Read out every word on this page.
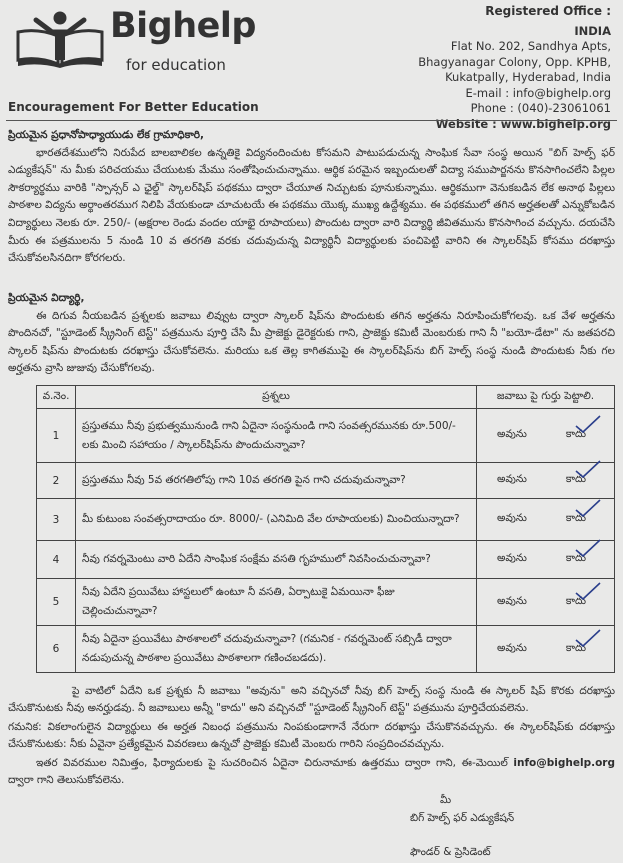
Bighelp
for education
Encouragement For Better Education
Registered Office :
INDIA
Flat No. 202, Sandhya Apts,
Bhagyanagar Colony, Opp. KPHB,
Kukatpally, Hyderabad, India
E-mail : info@bighelp.org
Phone : (040)-23061061
Website : www.bighelp.org
ప్రియమైన ప్రధానోపాధ్యాయుడు లేక గ్రామాధికారి,
భారతదేశములోని నిరుపేద బాలబాలికల ఉన్నతికై విద్యనందించుట కోసమని పాటుపడుచున్న సాంఘిక సేవా సంస్థ అయిన "బిగ్ హెల్ప్ ఫర్ ఎడ్యుకేషన్" ను మీకు పరిచయము చేయుటకు మేము సంతోషించుచున్నాము. ఆర్థిక పరమైన ఇబ్బందులతో విద్యా సముపార్జనను కొనసాగించలేని పిల్లల సౌకర్యార్థము వారికి "స్పాన్సర్ ఎ ఛైల్డ్" స్కాలర్‌షిప్ పథకము ద్వారా చేయూత నిచ్చుటకు పూనుకున్నాము. ఆర్థికముగా వెనుకబడిన లేక అనాథ పిల్లలు పాఠశాల విద్యను అర్థాంతరముగ నిలిపి వేయకుండా చూచుటయే ఈ పథకము యొక్క ముఖ్య ఉద్దేశ్యము. ఈ పథకములో తగిన అర్హతలతో ఎన్నుకోబడిన విద్యార్థులు నెలకు రూ. 250/- (అక్షరాల రెండు వందల యాభై రూపాయలు) పొందుట ద్వారా వారి విద్యార్థి జీవితమును కొనసాగించ వచ్చును. దయచేసి మీరు ఈ పత్రములను 5 నుండి 10 వ తరగతి వరకు చదువుచున్న విద్యార్థినీ విద్యార్థులకు పంచిపెట్టి వారిని ఈ స్కాలర్‌షిప్ కోసము దరఖాస్తు చేసుకోవలసినదిగా కోరగలరు.
ప్రియమైన విద్యార్థి,
ఈ దిగువ నీయబడిన ప్రశ్నలకు జవాబు లివ్వుట ద్వారా స్కాలర్ షిప్‌ను పొందుటకు తగిన అర్హతను నిరూపించుకోగలవు. ఒక వేళ అర్హతను పొందినచో, "స్టూడెంట్ స్క్రీనింగ్ టెస్ట్" పత్రమును పూర్తి చేసి మీ ప్రాజెక్టు డైరెక్టరుకు గాని, ప్రాజెక్టు కమిటీ మెంబరుకు గాని నీ "బయో-డేటా" ను జతపరచి స్కాలర్ షిప్‌ను పొందుటకు దరఖాస్తు చేసుకోవలెను. మరియు ఒక తెల్ల కాగితముపై ఈ స్కాలర్‌షిప్‌ను బిగ్ హెల్ప్ సంస్థ నుండి పొందుటకు నీకు గల అర్హతను వ్రాసి జుజువు చేసుకోగలవు.
వ.నెం.	ప్రశ్నలు	జవాబు పై గుర్తు పెట్టాలి.
1	ప్రస్తుతము నీవు ప్రభుత్వమునుండి గాని ఏదైనా సంస్థనుండి గాని సంవత్సరమునకు రూ.500/- లకు మించి సహాయం / స్కాలర్‌షిప్‌ను పొందుచున్నావా?	అవును కాదు

2	ప్రస్తుతము నీవు 5వ తరగతిలోపు గాని 10వ తరగతి పైన గాని చదువుచున్నావా?	అవును కాదు

3	మీ కుటుంబ సంవత్సరాదాయం రూ. 8000/- (ఎనిమిది వేల రూపాయలకు) మించియున్నాదా?	అవును కాదు

4	నీవు గవర్నమెంటు వారి ఏదేని సాంఘిక సంక్షేమ వసతి గృహములో నివసించుచున్నావా?	అవును కాదు

5	నీవు ఏదేని ప్రయివేటు హాస్టలులో ఉంటూ నీ వసతి, ఏర్పాటుకై ఏమయినా ఫీజు చెల్లించుచున్నావా?	అవును కాదు

6	నీవు ఏదైనా ప్రయివేటు పాఠశాలలో చదువుచున్నావా? (గమనిక - గవర్నమెంట్ సబ్సిడీ ద్వారా నడుపుచున్న పాఠశాల ప్రయివేటు పాఠశాలగా గణించబడదు).	అవును కాదు
పై వాటిలో ఏదేని ఒక ప్రశ్నకు నీ జవాబు "అవును" అని వచ్చినచో నీవు బిగ్ హెల్ప్ సంస్థ నుండి ఈ స్కాలర్ షిప్ కొరకు దరఖాస్తు చేసుకొనుటకు నీవు అనర్హుడవు. నీ జవాబులు అన్నీ "కాదు" అని వచ్చినచో "స్టూడెంట్ స్క్రీనింగ్ టెస్ట్" పత్రమును పూర్తిచేయవలెను.
గమనిక: వికలాంగులైన విద్యార్థులు ఈ అర్హత నిబంధ పత్రమును నింపకుండాగానే నేరుగా దరఖాస్తు చేసుకొనవచ్చును. ఈ స్కాలర్‌షిప్‌కు దరఖాస్తు చేసుకొనుటకు: నీకు ఏవైనా ప్రత్యేకమైన వివరణలు ఉన్నచో ప్రాజెక్టు కమిటీ మెంబరు గారిని సంప్రదించవచ్చును.
ఇతర వివరముల నిమిత్తం, ఫిర్యాదులకు పై సుచరించిన ఏదైనా చిరునామాకు ఉత్తరము ద్వారా గాని, ఈ-మెయిల్ info@bighelp.org ద్వారా గాని తెలుసుకోవలెను.
మీ
బిగ్ హెల్ప్ ఫర్ ఎడ్యుకేషన్
ఫౌండర్ & ప్రెసిడెంట్
